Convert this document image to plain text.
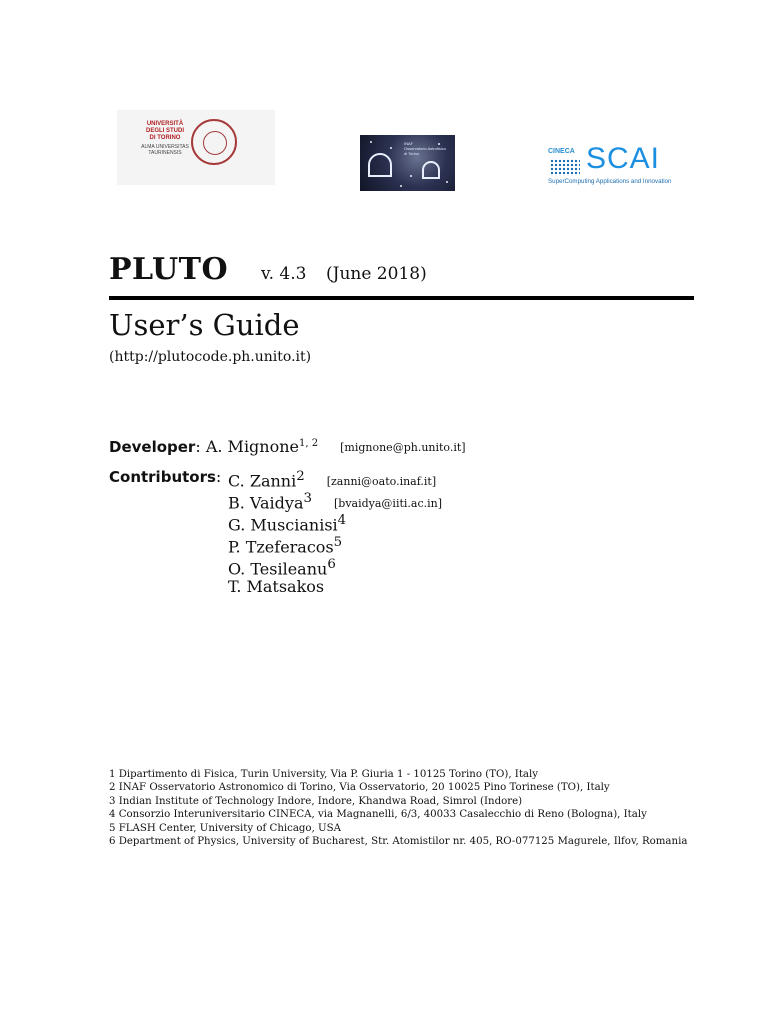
UNIVERSITÀ
DEGLI STUDI
DI TORINO
ALMA UNIVERSITAS
TAURINENSIS
INAF
Osservatorio Astrofisico
di Torino	CINECA SCAI
SuperComputing Applications and Innovation
PLUTO v. 4.3 (June 2018)
User’s Guide
(http://plutocode.ph.unito.it)
Developer: A. Mignone$^{1, 2}$ [mignone@ph.unito.it]
Contributors: C. Zanni$^2$ [zanni@oato.inaf.it]
B. Vaidya$^3$ [bvaidya@iiti.ac.in]
G. Muscianisi$^4$
P. Tzeferacos$^5$
O. Tesileanu$^6$
T. Matsakos
1 Dipartimento di Fisica, Turin University, Via P. Giuria 1 - 10125 Torino (TO), Italy
2 INAF Osservatorio Astronomico di Torino, Via Osservatorio, 20 10025 Pino Torinese (TO), Italy
3 Indian Institute of Technology Indore, Indore, Khandwa Road, Simrol (Indore)
4 Consorzio Interuniversitario CINECA, via Magnanelli, 6/3, 40033 Casalecchio di Reno (Bologna), Italy
5 FLASH Center, University of Chicago, USA
6 Department of Physics, University of Bucharest, Str. Atomistilor nr. 405, RO-077125 Magurele, Ilfov, Romania
